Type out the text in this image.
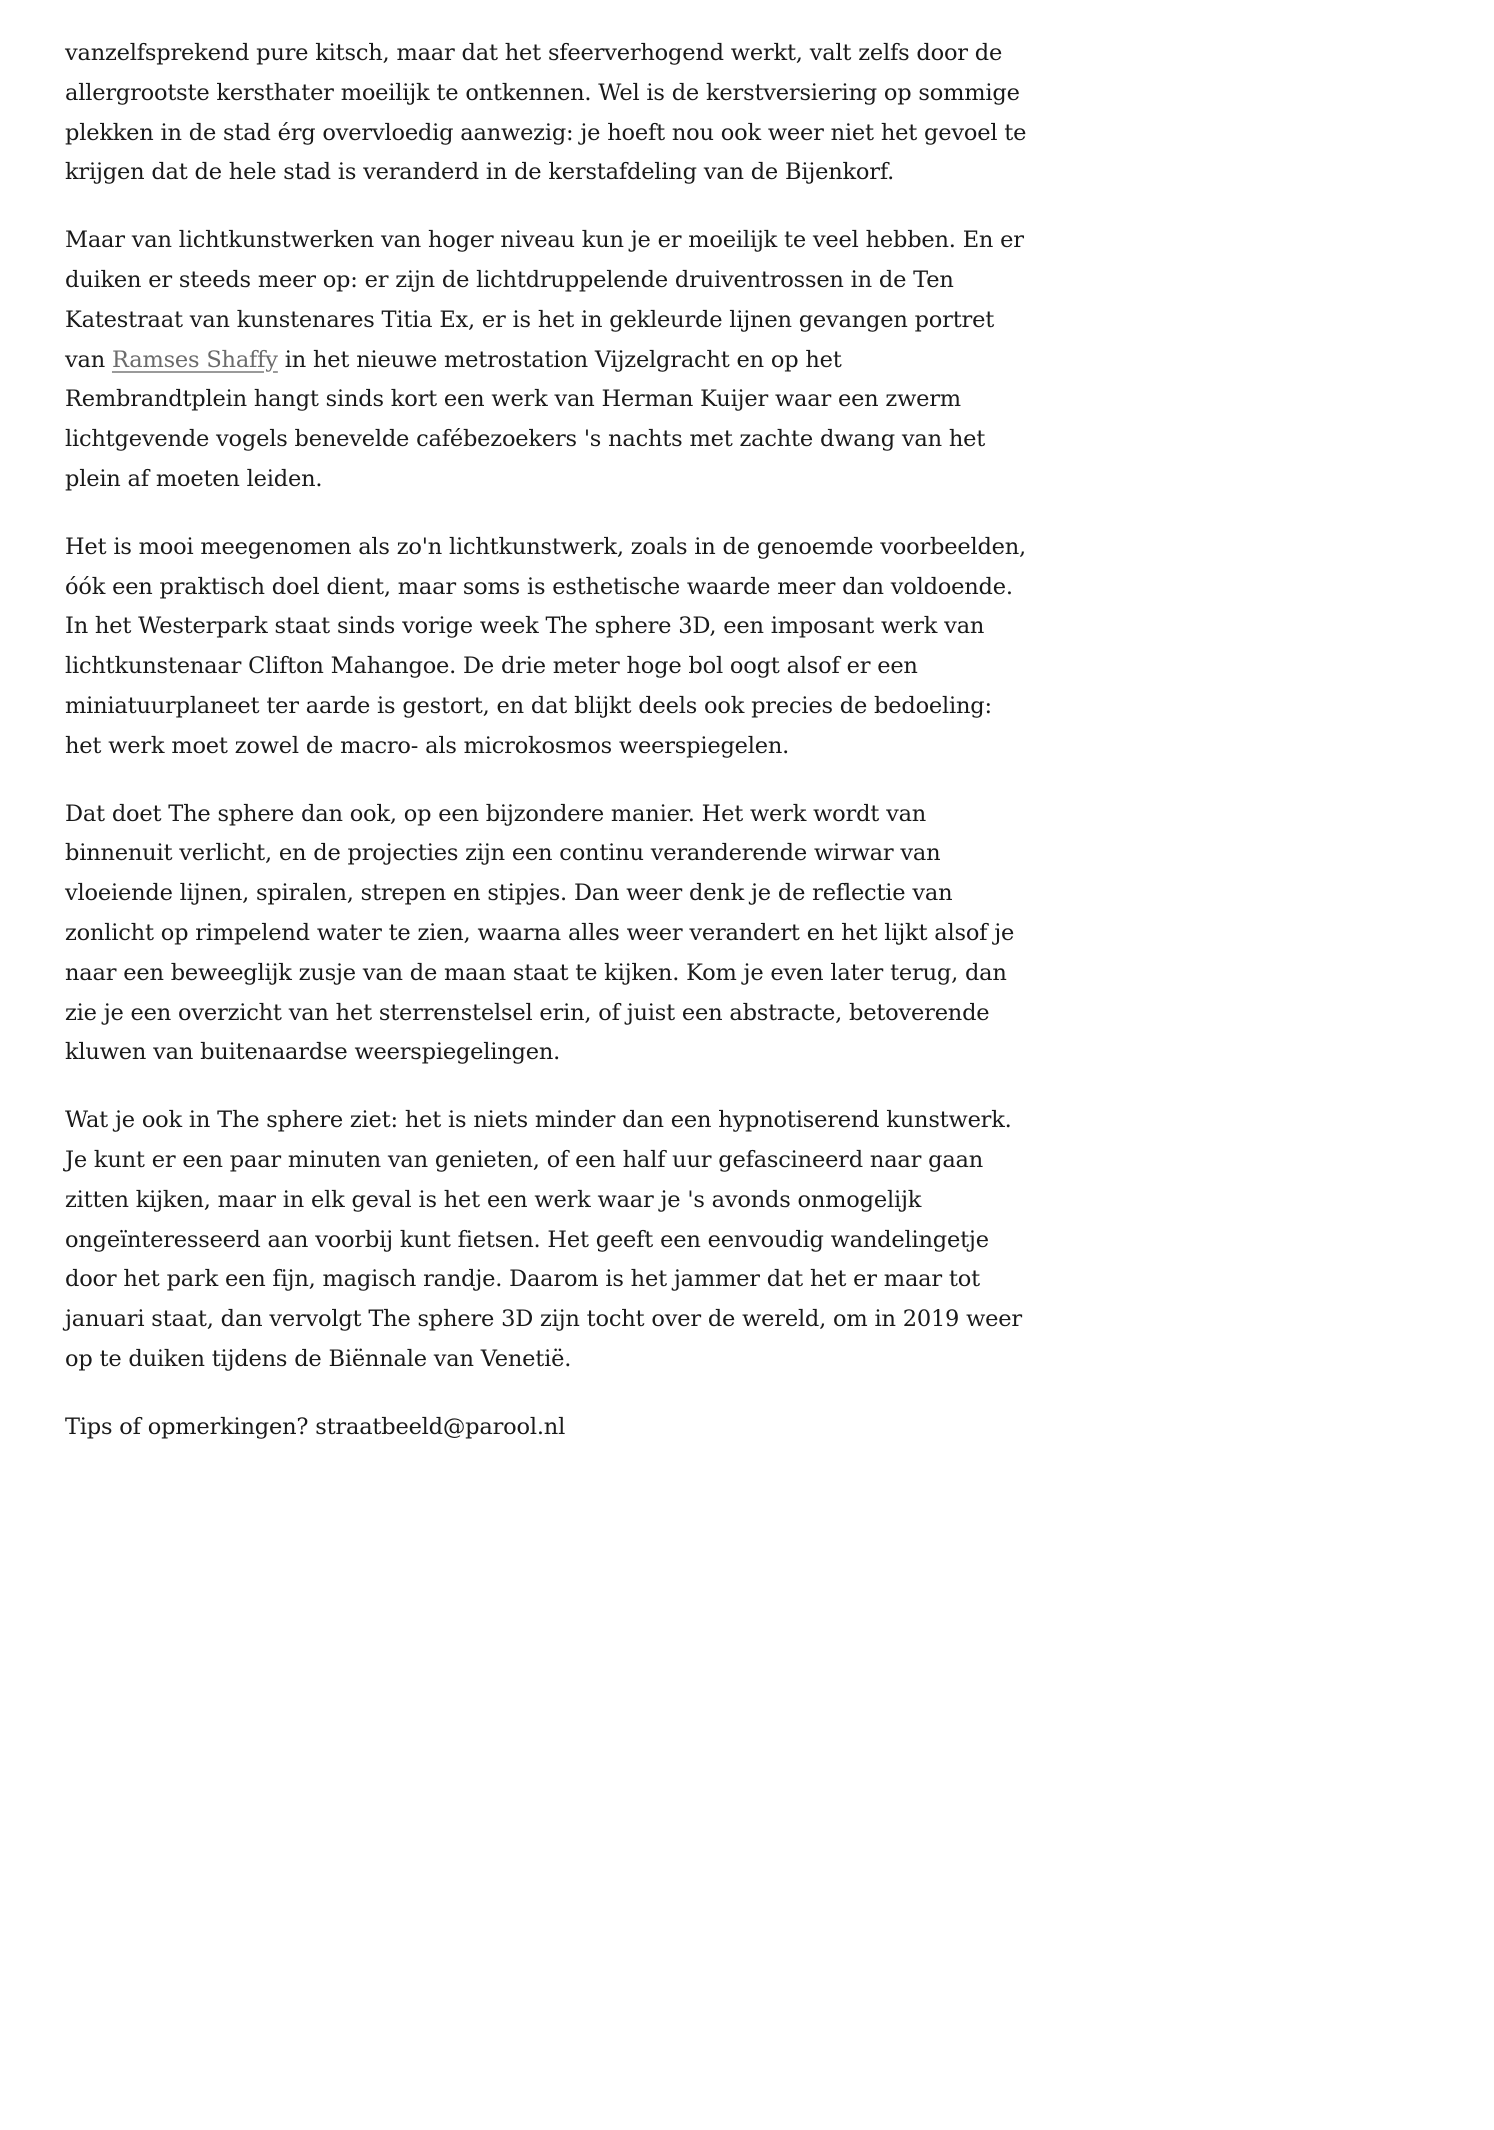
vanzelfsprekend pure kitsch, maar dat het sfeerverhogend werkt, valt zelfs door de allergrootste kersthater moeilijk te ontkennen. Wel is de kerstversiering op sommige plekken in de stad érg overvloedig aanwezig: je hoeft nou ook weer niet het gevoel te krijgen dat de hele stad is veranderd in de kerstafdeling van de Bijenkorf.

Maar van lichtkunstwerken van hoger niveau kun je er moeilijk te veel hebben. En er duiken er steeds meer op: er zijn de lichtdruppelende druiventrossen in de Ten Katestraat van kunstenares Titia Ex, er is het in gekleurde lijnen gevangen portret van Ramses Shaffy in het nieuwe metrostation Vijzelgracht en op het Rembrandtplein hangt sinds kort een werk van Herman Kuijer waar een zwerm lichtgevende vogels benevelde cafébezoekers 's nachts met zachte dwang van het plein af moeten leiden.

Het is mooi meegenomen als zo'n lichtkunstwerk, zoals in de genoemde voorbeelden, óók een praktisch doel dient, maar soms is esthetische waarde meer dan voldoende. In het Westerpark staat sinds vorige week The sphere 3D, een imposant werk van lichtkunstenaar Clifton Mahangoe. De drie meter hoge bol oogt alsof er een miniatuurplaneet ter aarde is gestort, en dat blijkt deels ook precies de bedoeling: het werk moet zowel de macro- als microkosmos weerspiegelen.

Dat doet The sphere dan ook, op een bijzondere manier. Het werk wordt van binnenuit verlicht, en de projecties zijn een continu veranderende wirwar van vloeiende lijnen, spiralen, strepen en stipjes. Dan weer denk je de reflectie van zonlicht op rimpelend water te zien, waarna alles weer verandert en het lijkt alsof je naar een beweeglijk zusje van de maan staat te kijken. Kom je even later terug, dan zie je een overzicht van het sterrenstelsel erin, of juist een abstracte, betoverende kluwen van buitenaardse weerspiegelingen.

Wat je ook in The sphere ziet: het is niets minder dan een hypnotiserend kunstwerk. Je kunt er een paar minuten van genieten, of een half uur gefascineerd naar gaan zitten kijken, maar in elk geval is het een werk waar je 's avonds onmogelijk ongeïnteresseerd aan voorbij kunt fietsen. Het geeft een eenvoudig wandelingetje door het park een fijn, magisch randje. Daarom is het jammer dat het er maar tot januari staat, dan vervolgt The sphere 3D zijn tocht over de wereld, om in 2019 weer op te duiken tijdens de Biënnale van Venetië.

Tips of opmerkingen? straatbeeld@parool.nl
